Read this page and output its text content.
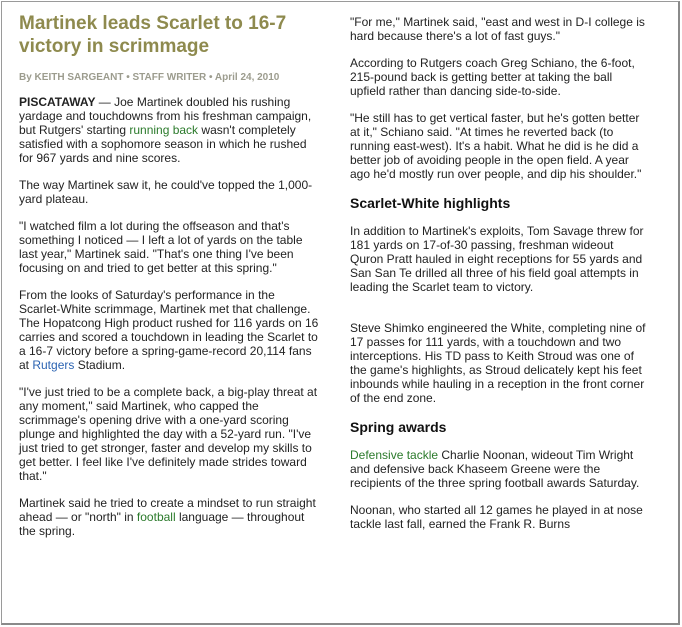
Martinek leads Scarlet to 16-7 victory in scrimmage
By KEITH SARGEANT • STAFF WRITER • April 24, 2010

PISCATAWAY — Joe Martinek doubled his rushing yardage and touchdowns from his freshman campaign, but Rutgers' starting running back wasn't completely satisfied with a sophomore season in which he rushed for 967 yards and nine scores.

The way Martinek saw it, he could've topped the 1,000-yard plateau.

"I watched film a lot during the offseason and that's something I noticed — I left a lot of yards on the table last year," Martinek said. "That's one thing I've been focusing on and tried to get better at this spring."

From the looks of Saturday's performance in the Scarlet-White scrimmage, Martinek met that challenge. The Hopatcong High product rushed for 116 yards on 16 carries and scored a touchdown in leading the Scarlet to a 16-7 victory before a spring-game-record 20,114 fans at Rutgers Stadium.

"I've just tried to be a complete back, a big-play threat at any moment," said Martinek, who capped the scrimmage's opening drive with a one-yard scoring plunge and highlighted the day with a 52-yard run. "I've just tried to get stronger, faster and develop my skills to get better. I feel like I've definitely made strides toward that."

Martinek said he tried to create a mindset to run straight ahead — or "north" in football language — throughout the spring.

"For me," Martinek said, "east and west in D-I college is hard because there's a lot of fast guys."

According to Rutgers coach Greg Schiano, the 6-foot, 215-pound back is getting better at taking the ball upfield rather than dancing side-to-side.

"He still has to get vertical faster, but he's gotten better at it," Schiano said. "At times he reverted back (to running east-west). It's a habit. What he did is he did a better job of avoiding people in the open field. A year ago he'd mostly run over people, and dip his shoulder."

Scarlet-White highlights

In addition to Martinek's exploits, Tom Savage threw for 181 yards on 17-of-30 passing, freshman wideout Quron Pratt hauled in eight receptions for 55 yards and San San Te drilled all three of his field goal attempts in leading the Scarlet team to victory.

Steve Shimko engineered the White, completing nine of 17 passes for 111 yards, with a touchdown and two interceptions. His TD pass to Keith Stroud was one of the game's highlights, as Stroud delicately kept his feet inbounds while hauling in a reception in the front corner of the end zone.

Spring awards

Defensive tackle Charlie Noonan, wideout Tim Wright and defensive back Khaseem Greene were the recipients of the three spring football awards Saturday.

Noonan, who started all 12 games he played in at nose tackle last fall, earned the Frank R. Burns
